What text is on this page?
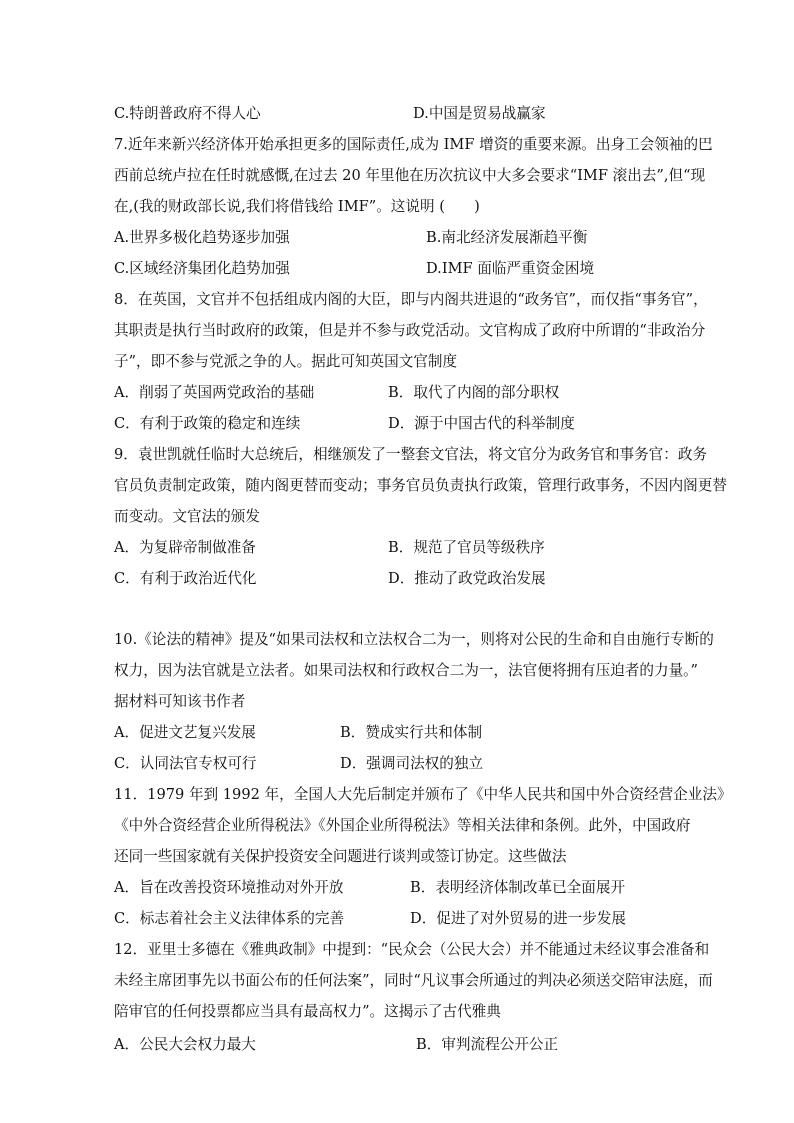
C.特朗普政府不得人心	D.中国是贸易战赢家
7.近年来新兴经济体开始承担更多的国际责任,成为 IMF 增资的重要来源。出身工会领袖的巴
西前总统卢拉在任时就感慨,在过去 20 年里他在历次抗议中大多会要求“IMF 滚出去”,但“现
在,(我的财政部长说,我们将借钱给 IMF”。这说明 (　　)
A.世界多极化趋势逐步加强	B.南北经济发展渐趋平衡
C.区域经济集团化趋势加强	D.IMF 面临严重资金困境
8．在英国，文官并不包括组成内阁的大臣，即与内阁共进退的“政务官”，而仅指“事务官”，
其职责是执行当时政府的政策，但是并不参与政党活动。文官构成了政府中所谓的“非政治分
子”，即不参与党派之争的人。据此可知英国文官制度
A．削弱了英国两党政治的基础	B．取代了内阁的部分职权
C．有利于政策的稳定和连续	D．源于中国古代的科举制度
9．袁世凯就任临时大总统后，相继颁发了一整套文官法，将文官分为政务官和事务官：政务
官员负责制定政策，随内阁更替而变动；事务官员负责执行政策，管理行政事务，不因内阁更替
而变动。文官法的颁发
A．为复辟帝制做准备	B．规范了官员等级秩序
C．有利于政治近代化	D．推动了政党政治发展
10.《论法的精神》提及“如果司法权和立法权合二为一，则将对公民的生命和自由施行专断的
权力，因为法官就是立法者。如果司法权和行政权合二为一，法官便将拥有压迫者的力量。”
据材料可知该书作者
A．促进文艺复兴发展	B．赞成实行共和体制
C．认同法官专权可行	D．强调司法权的独立
11．1979 年到 1992 年，全国人大先后制定并颁布了《中华人民共和国中外合资经营企业法》
《中外合资经营企业所得税法》《外国企业所得税法》等相关法律和条例。此外，中国政府
还同一些国家就有关保护投资安全问题进行谈判或签订协定。这些做法
A．旨在改善投资环境推动对外开放	B．表明经济体制改革已全面展开
C．标志着社会主义法律体系的完善	D．促进了对外贸易的进一步发展
12．亚里士多德在《雅典政制》中提到：“民众会（公民大会）并不能通过未经议事会准备和
未经主席团事先以书面公布的任何法案”，同时“凡议事会所通过的判决必须送交陪审法庭，而
陪审官的任何投票都应当具有最高权力”。这揭示了古代雅典
A．公民大会权力最大	B．审判流程公开公正
